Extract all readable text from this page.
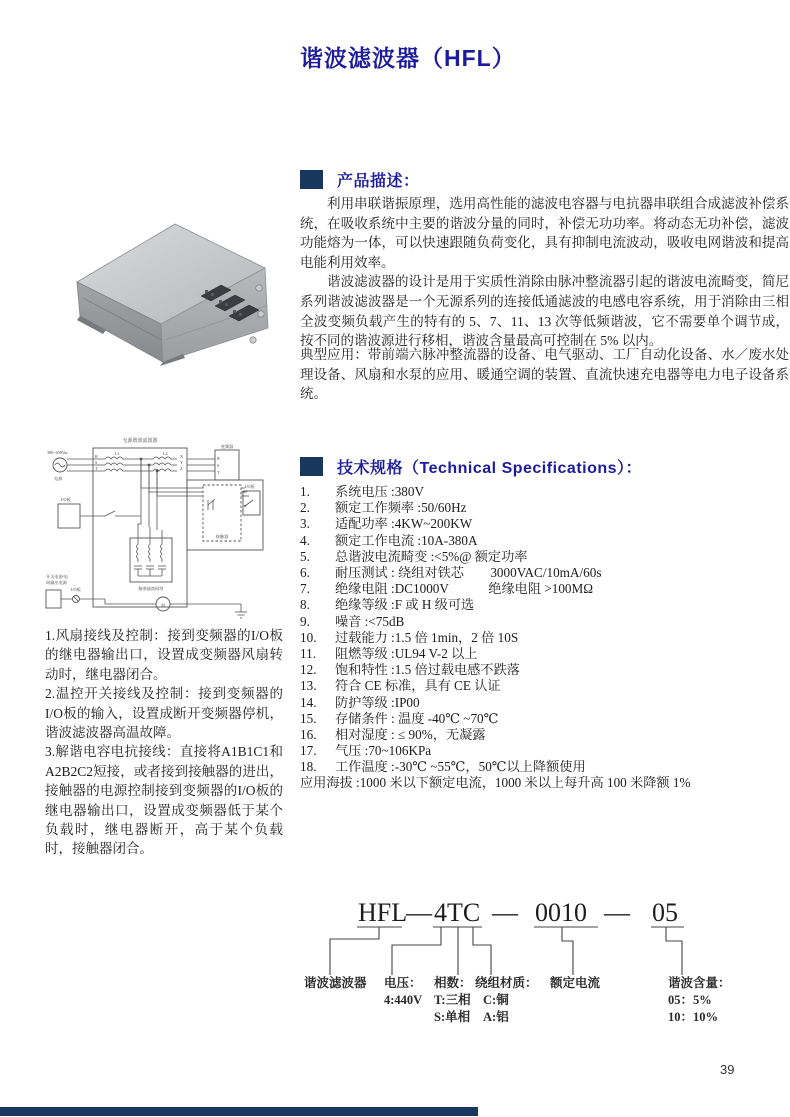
谐波滤波器（HFL）
产品描述：

利用串联谐振原理，选用高性能的滤波电容器与电抗器串联组合成滤波补偿系统，在吸收系统中主要的谐波分量的同时，补偿无功功率。将动态无功补偿，滤波功能熔为一体，可以快速跟随负荷变化，具有抑制电流波动，吸收电网谐波和提高电能利用效率。

谐波滤波器的设计是用于实质性消除由脉冲整流器引起的谐波电流畸变，简尼系列谐波滤波器是一个无源系列的连接低通滤波的电感电容系统，用于消除由三相全波变频负载产生的特有的 5、7、11、13 次等低频谐波，它不需要单个调节成，按不同的谐波源进行移相，谐波含量最高可控制在 5% 以内。

典型应用：带前端六脉冲整流器的设备、电气驱动、工厂自动化设备、水／废水处理设备、风扇和水泵的应用、暖通空调的装置、直流快速充电器等电力电子设备系统。
技术规格（Technical Specifications）：
系统电压 :380V
额定工作频率 :50/60Hz
适配功率 :4KW~200KW
额定工作电流 :10A-380A
总谐波电流畸变 :<5%@ 额定功率
耐压测试 : 绕组对铁芯　　3000VAC/10mA/60s
绝缘电阻 :DC1000V　　　绝缘电阻 >100MΩ
绝缘等级 :F 或 H 级可选
噪音 :<75dB
过载能力 :1.5 倍 1min，2 倍 10S
阻燃等级 :UL94 V-2 以上
饱和特性 :1.5 倍过载电感不跌落
符合 CE 标准，具有 CE 认证
防护等级 :IP00
存储条件 : 温度 -40℃ ~70℃
相对湿度 : ≤ 90%，无凝露
气压 :70~106KPa
工作温度 :-30℃ ~55℃，50℃以上降额使用
应用海拔 :1000 米以下额定电流，1000 米以上每升高 100 米降额 1%
无源谐波滤波器
380~400Vac
电源
R
S
T
L1	L2
X
Y
Z
变频器
R
S
T
接触器
I/O板
I/O板
解谐滤波网络
开关电源/电
网输出电源
I/O板
M
1.风扇接线及控制：接到变频器的I/O板的继电器输出口，设置成变频器风扇转动时，继电器闭合。
2.温控开关接线及控制：接到变频器的I/O板的输入，设置成断开变频器停机，谐波滤波器高温故障。
3.解谐电容电抗接线：直接将A1B1C1和A2B2C2短接，或者接到接触器的进出，接触器的电源控制接到变频器的I/O板的继电器输出口，设置成变频器低于某个负载时，继电器断开，高于某个负载时，接触器闭合。
HFL
— 4TC — 0010 — 05
谐波滤波器 电压：
4:440V
相数：
T:三相
S:单相
绕组材质：
C:铜
A:铝
额定电流	谐波含量：
05：5%
10：10%
39
